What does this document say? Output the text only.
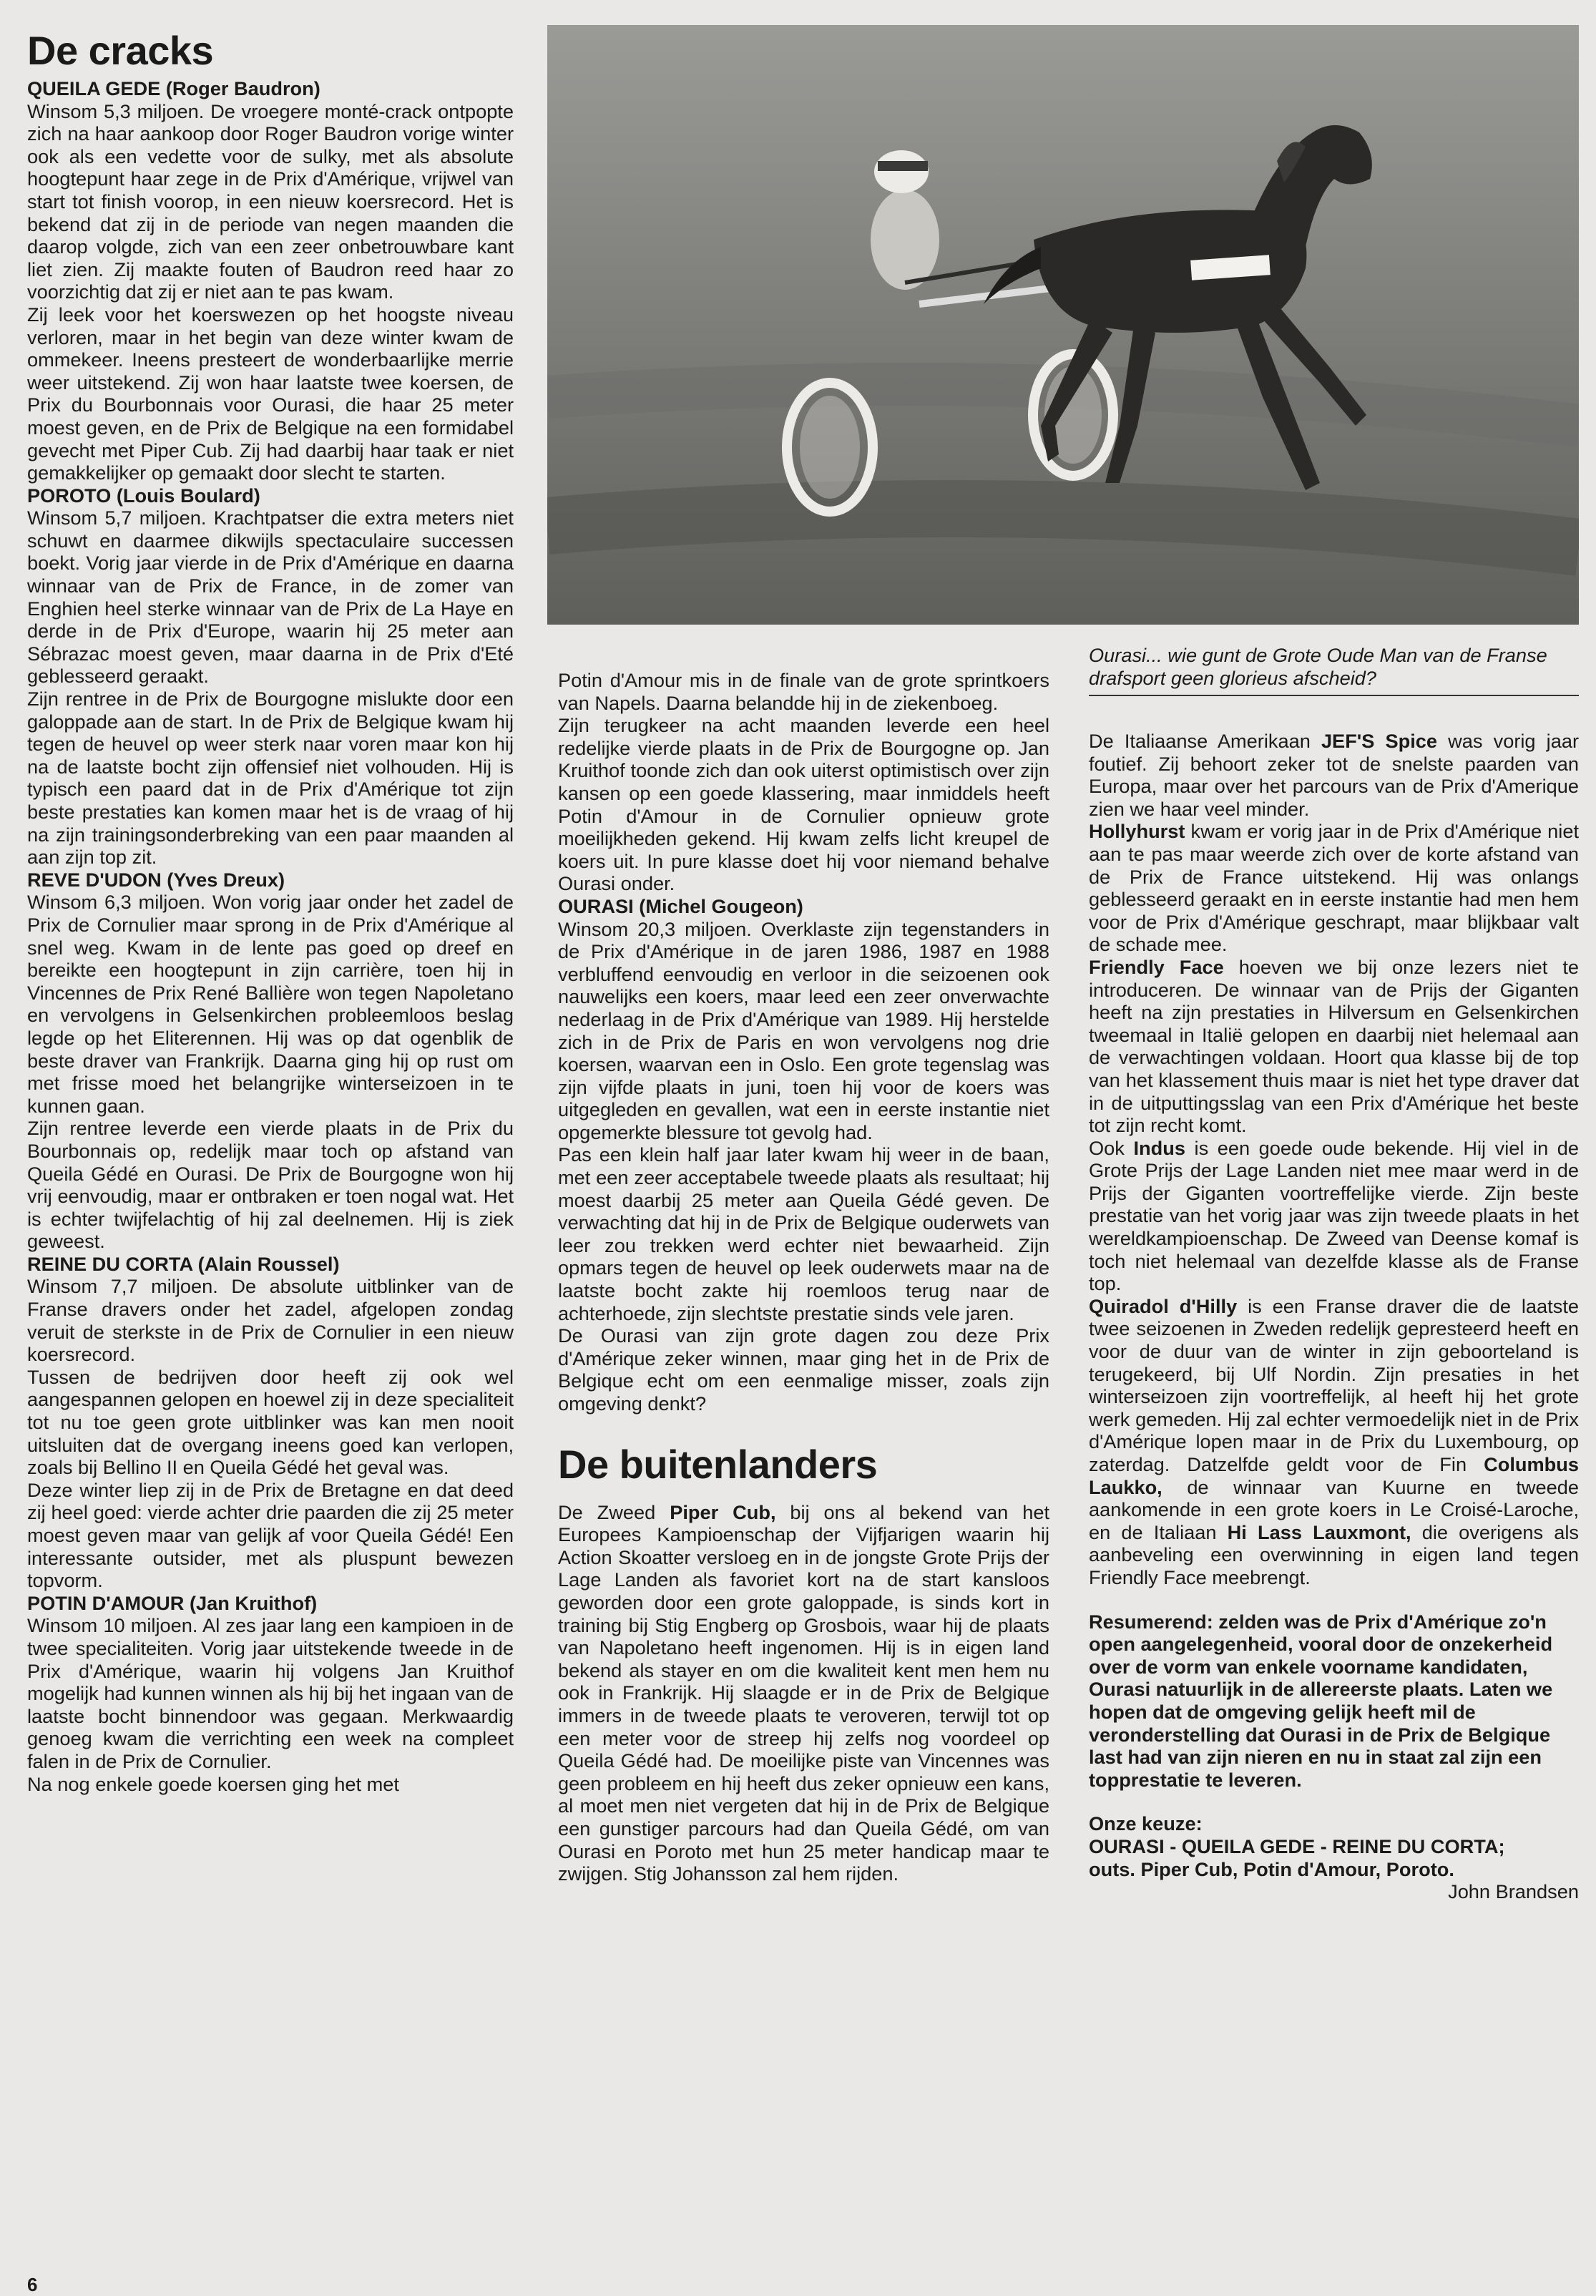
De cracks

QUEILA GEDE (Roger Baudron)

Winsom 5,3 miljoen. De vroegere monté-crack ontpopte zich na haar aankoop door Roger Baudron vorige winter ook als een vedette voor de sulky, met als absolute hoogtepunt haar zege in de Prix d'Amérique, vrijwel van start tot finish voorop, in een nieuw koersrecord. Het is bekend dat zij in de periode van negen maanden die daarop volgde, zich van een zeer onbetrouwbare kant liet zien. Zij maakte fouten of Baudron reed haar zo voorzichtig dat zij er niet aan te pas kwam.

Zij leek voor het koerswezen op het hoogste niveau verloren, maar in het begin van deze winter kwam de ommekeer. Ineens presteert de wonderbaarlijke merrie weer uitstekend. Zij won haar laatste twee koersen, de Prix du Bourbonnais voor Ourasi, die haar 25 meter moest geven, en de Prix de Belgique na een formidabel gevecht met Piper Cub. Zij had daarbij haar taak er niet gemakkelijker op gemaakt door slecht te starten.

POROTO (Louis Boulard)

Winsom 5,7 miljoen. Krachtpatser die extra meters niet schuwt en daarmee dikwijls spectaculaire successen boekt. Vorig jaar vierde in de Prix d'Amérique en daarna winnaar van de Prix de France, in de zomer van Enghien heel sterke winnaar van de Prix de La Haye en derde in de Prix d'Europe, waarin hij 25 meter aan Sébrazac moest geven, maar daarna in de Prix d'Eté geblesseerd geraakt.

Zijn rentree in de Prix de Bourgogne mislukte door een galoppade aan de start. In de Prix de Belgique kwam hij tegen de heuvel op weer sterk naar voren maar kon hij na de laatste bocht zijn offensief niet volhouden. Hij is typisch een paard dat in de Prix d'Amérique tot zijn beste prestaties kan komen maar het is de vraag of hij na zijn trainingsonderbreking van een paar maanden al aan zijn top zit.

REVE D'UDON (Yves Dreux)

Winsom 6,3 miljoen. Won vorig jaar onder het zadel de Prix de Cornulier maar sprong in de Prix d'Amérique al snel weg. Kwam in de lente pas goed op dreef en bereikte een hoogtepunt in zijn carrière, toen hij in Vincennes de Prix René Ballière won tegen Napoletano en vervolgens in Gelsenkirchen probleemloos beslag legde op het Eliterennen. Hij was op dat ogenblik de beste draver van Frankrijk. Daarna ging hij op rust om met frisse moed het belangrijke winterseizoen in te kunnen gaan.

Zijn rentree leverde een vierde plaats in de Prix du Bourbonnais op, redelijk maar toch op afstand van Queila Gédé en Ourasi. De Prix de Bourgogne won hij vrij eenvoudig, maar er ontbraken er toen nogal wat. Het is echter twijfelachtig of hij zal deelnemen. Hij is ziek geweest.

REINE DU CORTA (Alain Roussel)

Winsom 7,7 miljoen. De absolute uitblinker van de Franse dravers onder het zadel, afgelopen zondag veruit de sterkste in de Prix de Cornulier in een nieuw koersrecord.

Tussen de bedrijven door heeft zij ook wel aangespannen gelopen en hoewel zij in deze specialiteit tot nu toe geen grote uitblinker was kan men nooit uitsluiten dat de overgang ineens goed kan verlopen, zoals bij Bellino II en Queila Gédé het geval was.

Deze winter liep zij in de Prix de Bretagne en dat deed zij heel goed: vierde achter drie paarden die zij 25 meter moest geven maar van gelijk af voor Queila Gédé! Een interessante outsider, met als pluspunt bewezen topvorm.

POTIN D'AMOUR (Jan Kruithof)

Winsom 10 miljoen. Al zes jaar lang een kampioen in de twee specialiteiten. Vorig jaar uitstekende tweede in de Prix d'Amérique, waarin hij volgens Jan Kruithof mogelijk had kunnen winnen als hij bij het ingaan van de laatste bocht binnendoor was gegaan. Merkwaardig genoeg kwam die verrichting een week na compleet falen in de Prix de Cornulier.

Na nog enkele goede koersen ging het met

Potin d'Amour mis in de finale van de grote sprintkoers van Napels. Daarna belandde hij in de ziekenboeg.

Zijn terugkeer na acht maanden leverde een heel redelijke vierde plaats in de Prix de Bourgogne op. Jan Kruithof toonde zich dan ook uiterst optimistisch over zijn kansen op een goede klassering, maar inmiddels heeft Potin d'Amour in de Cornulier opnieuw grote moeilijkheden gekend. Hij kwam zelfs licht kreupel de koers uit. In pure klasse doet hij voor niemand behalve Ourasi onder.

OURASI (Michel Gougeon)

Winsom 20,3 miljoen. Overklaste zijn tegenstanders in de Prix d'Amérique in de jaren 1986, 1987 en 1988 verbluffend eenvoudig en verloor in die seizoenen ook nauwelijks een koers, maar leed een zeer onverwachte nederlaag in de Prix d'Amérique van 1989. Hij herstelde zich in de Prix de Paris en won vervolgens nog drie koersen, waarvan een in Oslo. Een grote tegenslag was zijn vijfde plaats in juni, toen hij voor de koers was uitgegleden en gevallen, wat een in eerste instantie niet opgemerkte blessure tot gevolg had.

Pas een klein half jaar later kwam hij weer in de baan, met een zeer acceptabele tweede plaats als resultaat; hij moest daarbij 25 meter aan Queila Gédé geven. De verwachting dat hij in de Prix de Belgique ouderwets van leer zou trekken werd echter niet bewaarheid. Zijn opmars tegen de heuvel op leek ouderwets maar na de laatste bocht zakte hij roemloos terug naar de achterhoede, zijn slechtste prestatie sinds vele jaren.

De Ourasi van zijn grote dagen zou deze Prix d'Amérique zeker winnen, maar ging het in de Prix de Belgique echt om een eenmalige misser, zoals zijn omgeving denkt?

De buitenlanders

De Zweed Piper Cub, bij ons al bekend van het Europees Kampioenschap der Vijfjarigen waarin hij Action Skoatter versloeg en in de jongste Grote Prijs der Lage Landen als favoriet kort na de start kansloos geworden door een grote galoppade, is sinds kort in training bij Stig Engberg op Grosbois, waar hij de plaats van Napoletano heeft ingenomen. Hij is in eigen land bekend als stayer en om die kwaliteit kent men hem nu ook in Frankrijk. Hij slaagde er in de Prix de Belgique immers in de tweede plaats te veroveren, terwijl tot op een meter voor de streep hij zelfs nog voordeel op Queila Gédé had. De moeilijke piste van Vincennes was geen probleem en hij heeft dus zeker opnieuw een kans, al moet men niet vergeten dat hij in de Prix de Belgique een gunstiger parcours had dan Queila Gédé, om van Ourasi en Poroto met hun 25 meter handicap maar te zwijgen. Stig Johansson zal hem rijden.

Ourasi... wie gunt de Grote Oude Man van de Franse drafsport geen glorieus afscheid?

De Italiaanse Amerikaan JEF'S Spice was vorig jaar foutief. Zij behoort zeker tot de snelste paarden van Europa, maar over het parcours van de Prix d'Amerique zien we haar veel minder.

Hollyhurst kwam er vorig jaar in de Prix d'Amérique niet aan te pas maar weerde zich over de korte afstand van de Prix de France uitstekend. Hij was onlangs geblesseerd geraakt en in eerste instantie had men hem voor de Prix d'Amérique geschrapt, maar blijkbaar valt de schade mee.

Friendly Face hoeven we bij onze lezers niet te introduceren. De winnaar van de Prijs der Giganten heeft na zijn prestaties in Hilversum en Gelsenkirchen tweemaal in Italië gelopen en daarbij niet helemaal aan de verwachtingen voldaan. Hoort qua klasse bij de top van het klassement thuis maar is niet het type draver dat in de uitputtingsslag van een Prix d'Amérique het beste tot zijn recht komt.

Ook Indus is een goede oude bekende. Hij viel in de Grote Prijs der Lage Landen niet mee maar werd in de Prijs der Giganten voortreffelijke vierde. Zijn beste prestatie van het vorig jaar was zijn tweede plaats in het wereldkampioenschap. De Zweed van Deense komaf is toch niet helemaal van dezelfde klasse als de Franse top.

Quiradol d'Hilly is een Franse draver die de laatste twee seizoenen in Zweden redelijk gepresteerd heeft en voor de duur van de winter in zijn geboorteland is terugekeerd, bij Ulf Nordin. Zijn presaties in het winterseizoen zijn voortreffelijk, al heeft hij het grote werk gemeden. Hij zal echter vermoedelijk niet in de Prix d'Amérique lopen maar in de Prix du Luxembourg, op zaterdag. Datzelfde geldt voor de Fin Columbus Laukko, de winnaar van Kuurne en tweede aankomende in een grote koers in Le Croisé-Laroche, en de Italiaan Hi Lass Lauxmont, die overigens als aanbeveling een overwinning in eigen land tegen Friendly Face meebrengt.

Resumerend: zelden was de Prix d'Amérique zo'n open aangelegenheid, vooral door de onzekerheid over de vorm van enkele voorname kandidaten, Ourasi natuurlijk in de allereerste plaats. Laten we hopen dat de omgeving gelijk heeft mil de veronderstelling dat Ourasi in de Prix de Belgique last had van zijn nieren en nu in staat zal zijn een topprestatie te leveren.

Onze keuze:

OURASI - QUEILA GEDE - REINE DU CORTA;

outs. Piper Cub, Potin d'Amour, Poroto.

John Brandsen

6
